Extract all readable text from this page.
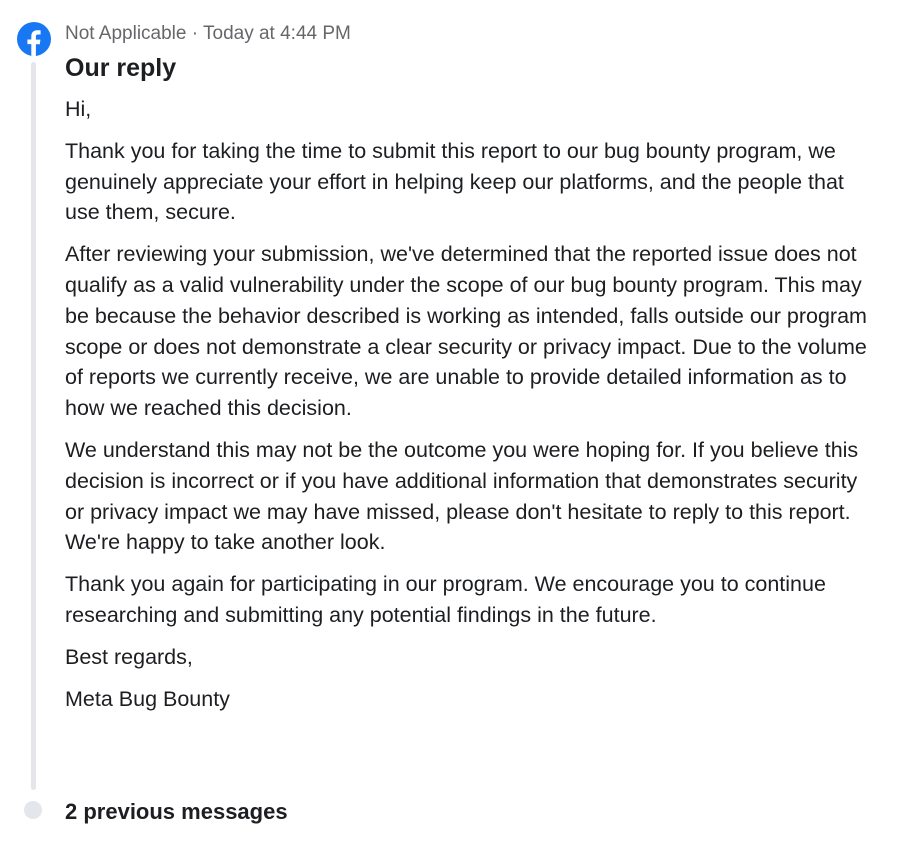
Not Applicable · Today at 4:44 PM
Our reply

Hi,

Thank you for taking the time to submit this report to our bug bounty program, we genuinely appreciate your effort in helping keep our platforms, and the people that use them, secure.

After reviewing your submission, we've determined that the reported issue does not qualify as a valid vulnerability under the scope of our bug bounty program. This may be because the behavior described is working as intended, falls outside our program scope or does not demonstrate a clear security or privacy impact. Due to the volume of reports we currently receive, we are unable to provide detailed information as to how we reached this decision.

We understand this may not be the outcome you were hoping for. If you believe this decision is incorrect or if you have additional information that demonstrates security or privacy impact we may have missed, please don't hesitate to reply to this report. We're happy to take another look.

Thank you again for participating in our program. We encourage you to continue researching and submitting any potential findings in the future.

Best regards,

Meta Bug Bounty

2 previous messages
